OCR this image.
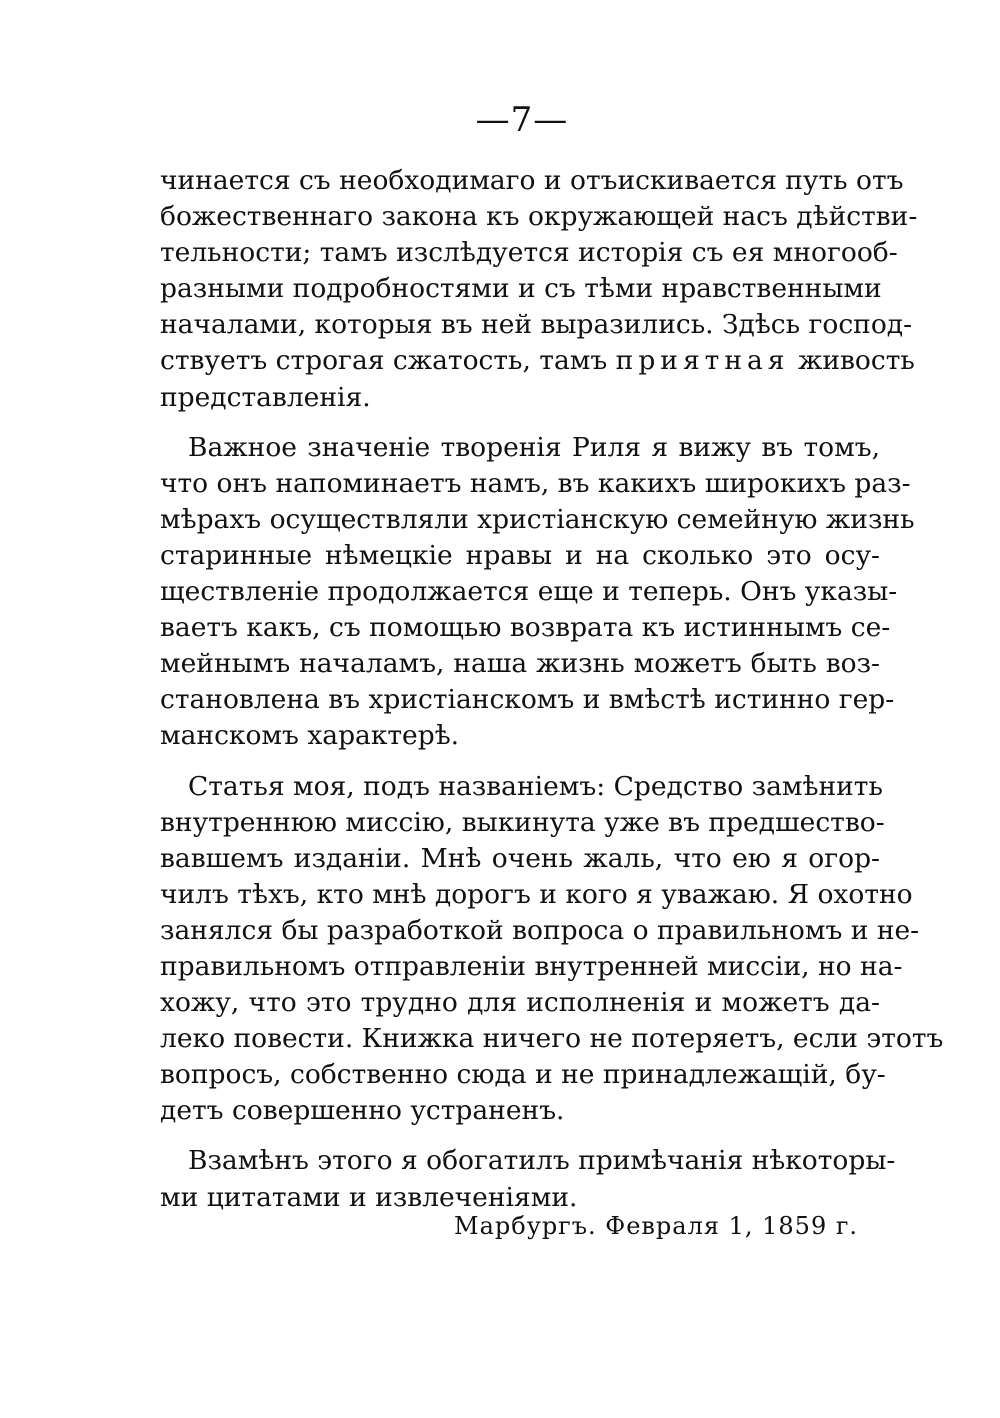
—7—
чинается съ необходимаго и отъискивается путь отъ
божественнаго закона къ окружающей насъ дѣйстви-
тельности; тамъ изслѣдуется исторія съ ея многооб-
разными подробностями и съ тѣми нравственными
началами, которыя въ ней выразились. Здѣсь господ-
ствуетъ строгая сжатость, тамъ приятная живость
представленія.
Важное значеніе творенія Риля я вижу въ томъ,
что онъ напоминаетъ намъ, въ какихъ широкихъ раз-
мѣрахъ осуществляли христіанскую семейную жизнь
старинные нѣмецкіе нравы и на сколько это осу-
ществленіе продолжается еще и теперь. Онъ указы-
ваетъ какъ, съ помощью возврата къ истиннымъ се-
мейнымъ началамъ, наша жизнь можетъ быть воз-
становлена въ христіанскомъ и вмѣстѣ истинно гер-
манскомъ характерѣ.
Статья моя, подъ названіемъ: Средство замѣнить
внутреннюю миссію, выкинута уже въ предшество-
вавшемъ изданіи. Мнѣ очень жаль, что ею я огор-
чилъ тѣхъ, кто мнѣ дорогъ и кого я уважаю. Я охотно
занялся бы разработкой вопроса о правильномъ и не-
правильномъ отправленіи внутренней миссіи, но на-
хожу, что это трудно для исполненія и можетъ да-
леко повести. Книжка ничего не потеряетъ, если этотъ
вопросъ, собственно сюда и не принадлежащій, бу-
детъ совершенно устраненъ.
Взамѣнъ этого я обогатилъ примѣчанія нѣкоторы-
ми цитатами и извлеченіями.
Марбургъ. Февраля 1, 1859 г.
